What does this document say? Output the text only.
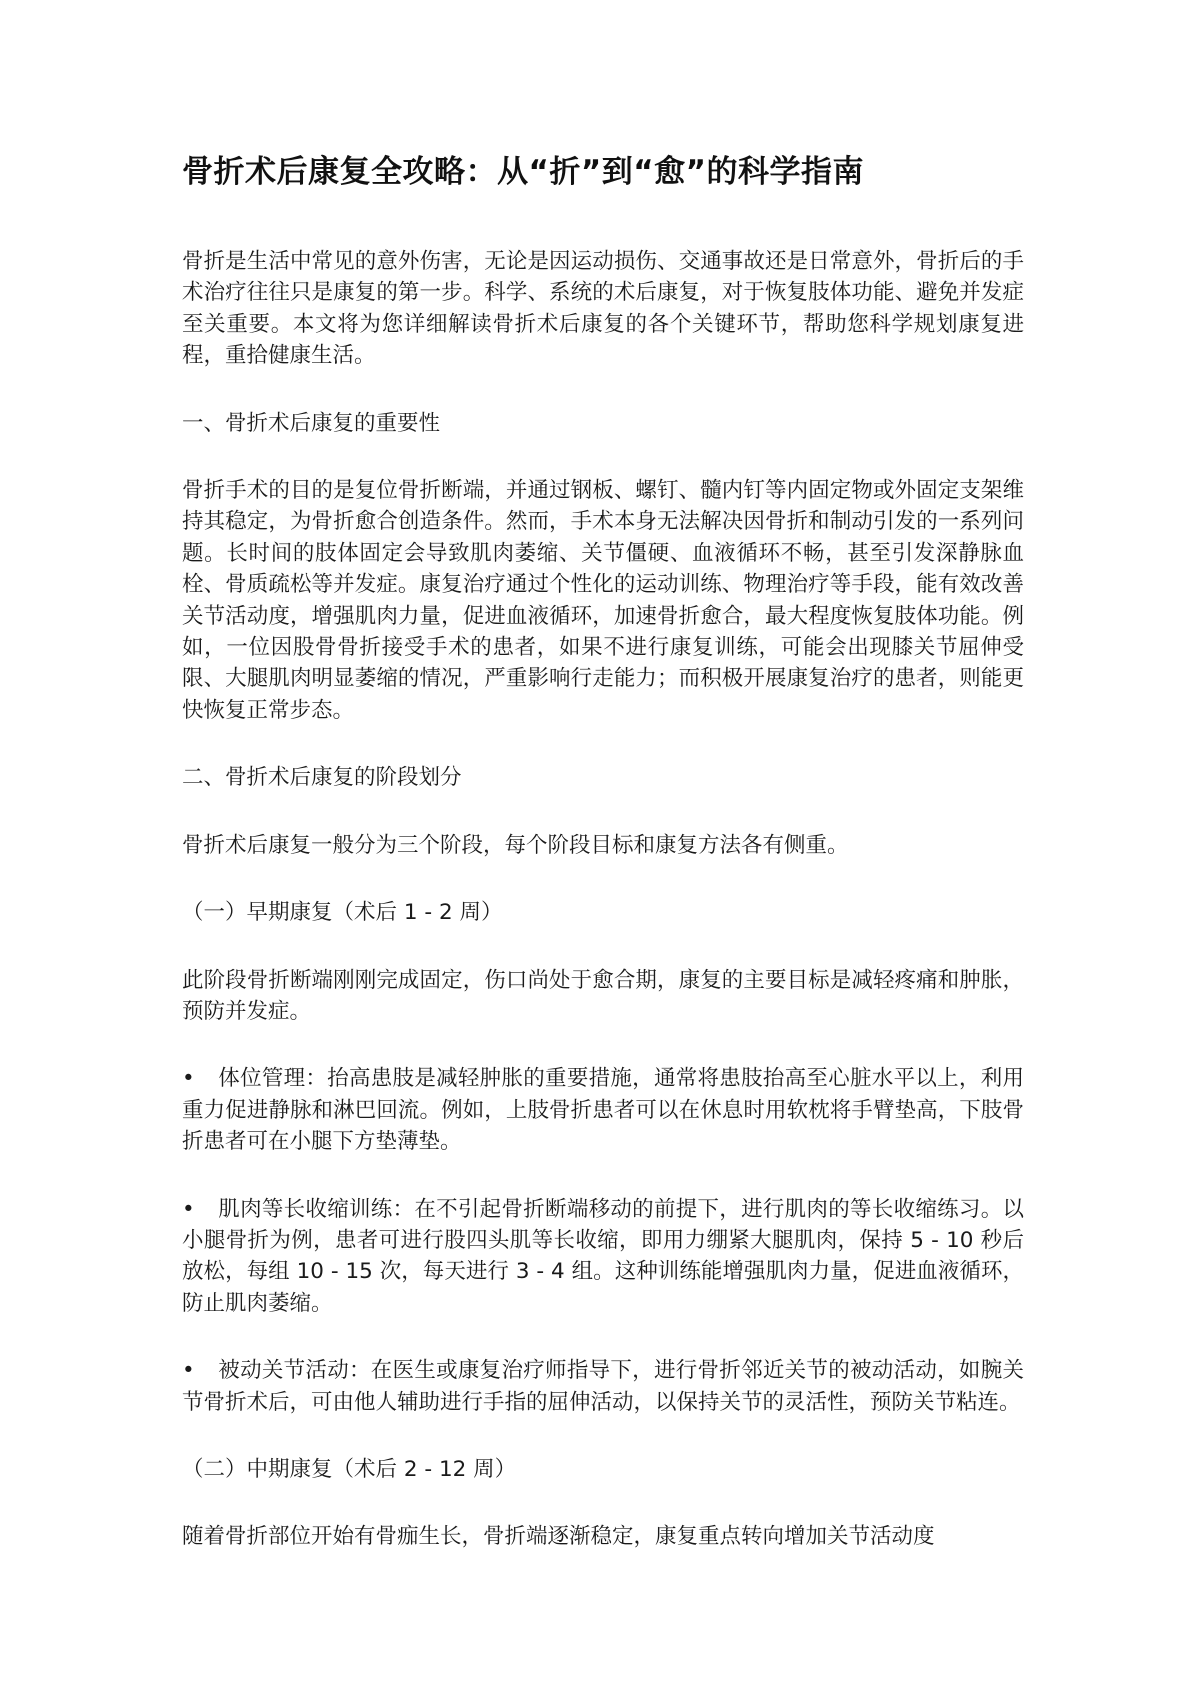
骨折术后康复全攻略：从“折”到“愈”的科学指南

骨折是生活中常见的意外伤害，无论是因运动损伤、交通事故还是日常意外，骨折后的手术治疗往往只是康复的第一步。科学、系统的术后康复，对于恢复肢体功能、避免并发症至关重要。本文将为您详细解读骨折术后康复的各个关键环节，帮助您科学规划康复进程，重拾健康生活。

一、骨折术后康复的重要性

骨折手术的目的是复位骨折断端，并通过钢板、螺钉、髓内钉等内固定物或外固定支架维持其稳定，为骨折愈合创造条件。然而，手术本身无法解决因骨折和制动引发的一系列问题。长时间的肢体固定会导致肌肉萎缩、关节僵硬、血液循环不畅，甚至引发深静脉血栓、骨质疏松等并发症。康复治疗通过个性化的运动训练、物理治疗等手段，能有效改善关节活动度，增强肌肉力量，促进血液循环，加速骨折愈合，最大程度恢复肢体功能。例如，一位因股骨骨折接受手术的患者，如果不进行康复训练，可能会出现膝关节屈伸受限、大腿肌肉明显萎缩的情况，严重影响行走能力；而积极开展康复治疗的患者，则能更快恢复正常步态。

二、骨折术后康复的阶段划分

骨折术后康复一般分为三个阶段，每个阶段目标和康复方法各有侧重。

（一）早期康复（术后 1 - 2 周）

此阶段骨折断端刚刚完成固定，伤口尚处于愈合期，康复的主要目标是减轻疼痛和肿胀，预防并发症。

• 体位管理：抬高患肢是减轻肿胀的重要措施，通常将患肢抬高至心脏水平以上，利用重力促进静脉和淋巴回流。例如，上肢骨折患者可以在休息时用软枕将手臂垫高，下肢骨折患者可在小腿下方垫薄垫。

• 肌肉等长收缩训练：在不引起骨折断端移动的前提下，进行肌肉的等长收缩练习。以小腿骨折为例，患者可进行股四头肌等长收缩，即用力绷紧大腿肌肉，保持 5 - 10 秒后放松，每组 10 - 15 次，每天进行 3 - 4 组。这种训练能增强肌肉力量，促进血液循环，防止肌肉萎缩。

• 被动关节活动：在医生或康复治疗师指导下，进行骨折邻近关节的被动活动，如腕关节骨折术后，可由他人辅助进行手指的屈伸活动，以保持关节的灵活性，预防关节粘连。

（二）中期康复（术后 2 - 12 周）

随着骨折部位开始有骨痂生长，骨折端逐渐稳定，康复重点转向增加关节活动度
